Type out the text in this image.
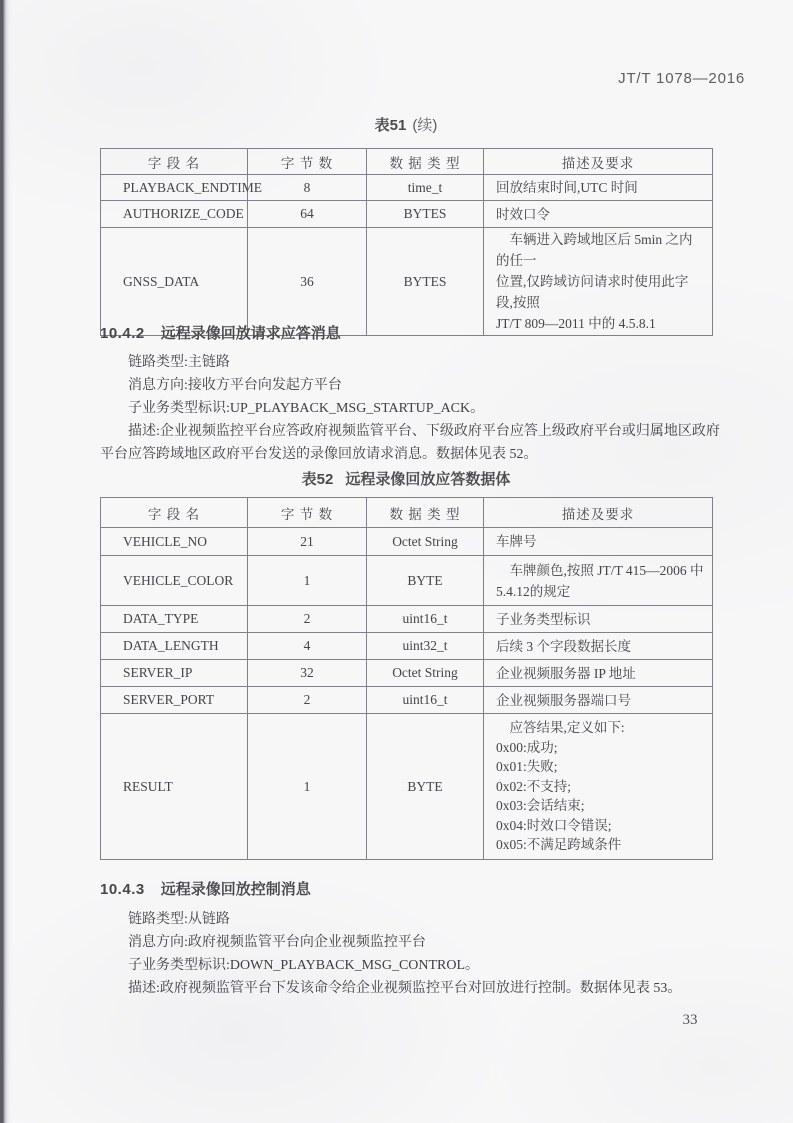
JT/T 1078—2016
表51 (续)
字 段 名	字 节 数	数 据 类 型	描述及要求
PLAYBACK_ENDTIME	8	time_t	回放结束时间,UTC 时间

AUTHORIZE_CODE	64	BYTES	时效口令

GNSS_DATA	36	BYTES	车辆进入跨域地区后 5min 之内的任一
位置,仅跨域访问请求时使用此字段,按照
JT/T 809—2011 中的 4.5.8.1
10.4.2 远程录像回放请求应答消息
链路类型:主链路
消息方向:接收方平台向发起方平台
子业务类型标识:UP_PLAYBACK_MSG_STARTUP_ACK。
描述:企业视频监控平台应答政府视频监管平台、下级政府平台应答上级政府平台或归属地区政府
平台应答跨域地区政府平台发送的录像回放请求消息。数据体见表 52。
表52 远程录像回放应答数据体
字 段 名	字 节 数	数 据 类 型	描述及要求
VEHICLE_NO	21	Octet String	车牌号

VEHICLE_COLOR	1	BYTE	车牌颜色,按照 JT/T 415—2006 中
5.4.12的规定

DATA_TYPE	2	uint16_t	子业务类型标识

DATA_LENGTH	4	uint32_t	后续 3 个字段数据长度

SERVER_IP	32	Octet String	企业视频服务器 IP 地址

SERVER_PORT	2	uint16_t	企业视频服务器端口号

RESULT	1	BYTE	
应答结果,定义如下:
0x00:成功;
0x01:失败;
0x02:不支持;
0x03:会话结束;
0x04:时效口令错误;
0x05:不满足跨域条件
10.4.3 远程录像回放控制消息
链路类型:从链路
消息方向:政府视频监管平台向企业视频监控平台
子业务类型标识:DOWN_PLAYBACK_MSG_CONTROL。
描述:政府视频监管平台下发该命令给企业视频监控平台对回放进行控制。数据体见表 53。
33
